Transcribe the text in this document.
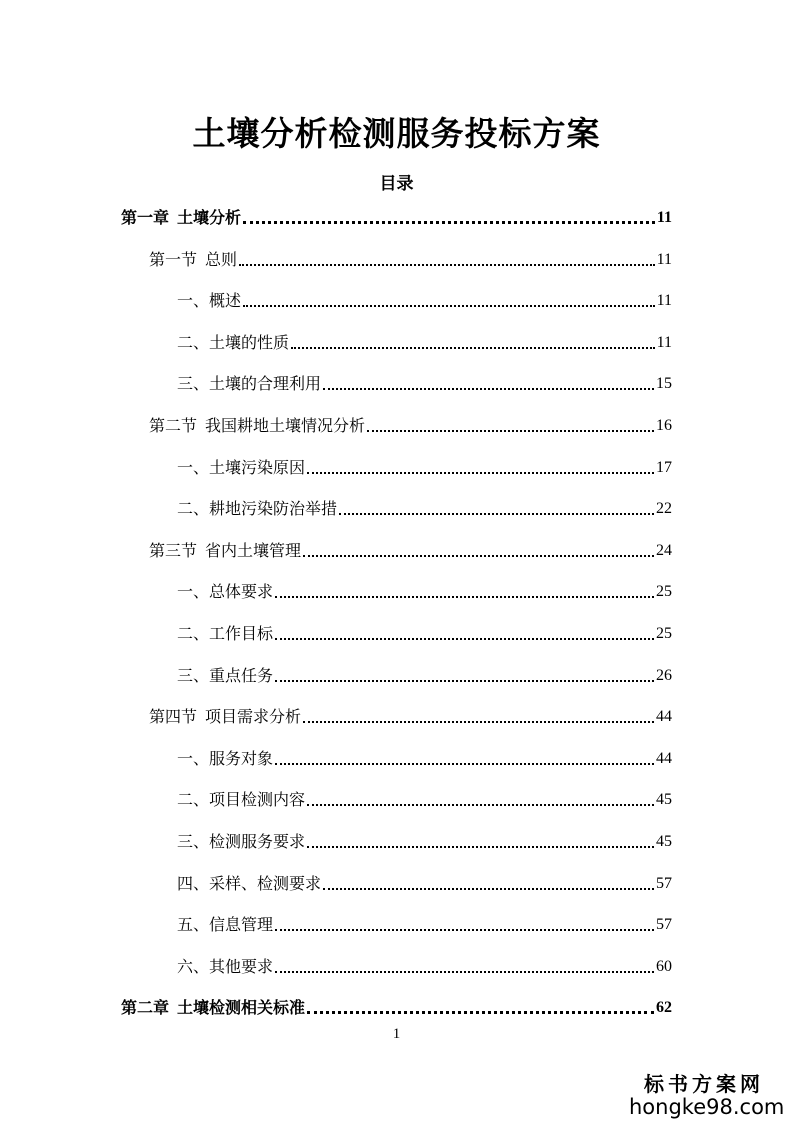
土壤分析检测服务投标方案
目录
第一章 土壤分析	11
第一节 总则	11
一、概述	11
二、土壤的性质	11
三、土壤的合理利用	15
第二节 我国耕地土壤情况分析	16
一、土壤污染原因	17
二、耕地污染防治举措	22
第三节 省内土壤管理	24
一、总体要求	25
二、工作目标	25
三、重点任务	26
第四节 项目需求分析	44
一、服务对象	44
二、项目检测内容	45
三、检测服务要求	45
四、采样、检测要求	57
五、信息管理	57
六、其他要求	60
第二章 土壤检测相关标准	62
1
标书方案网
hongke98.com
